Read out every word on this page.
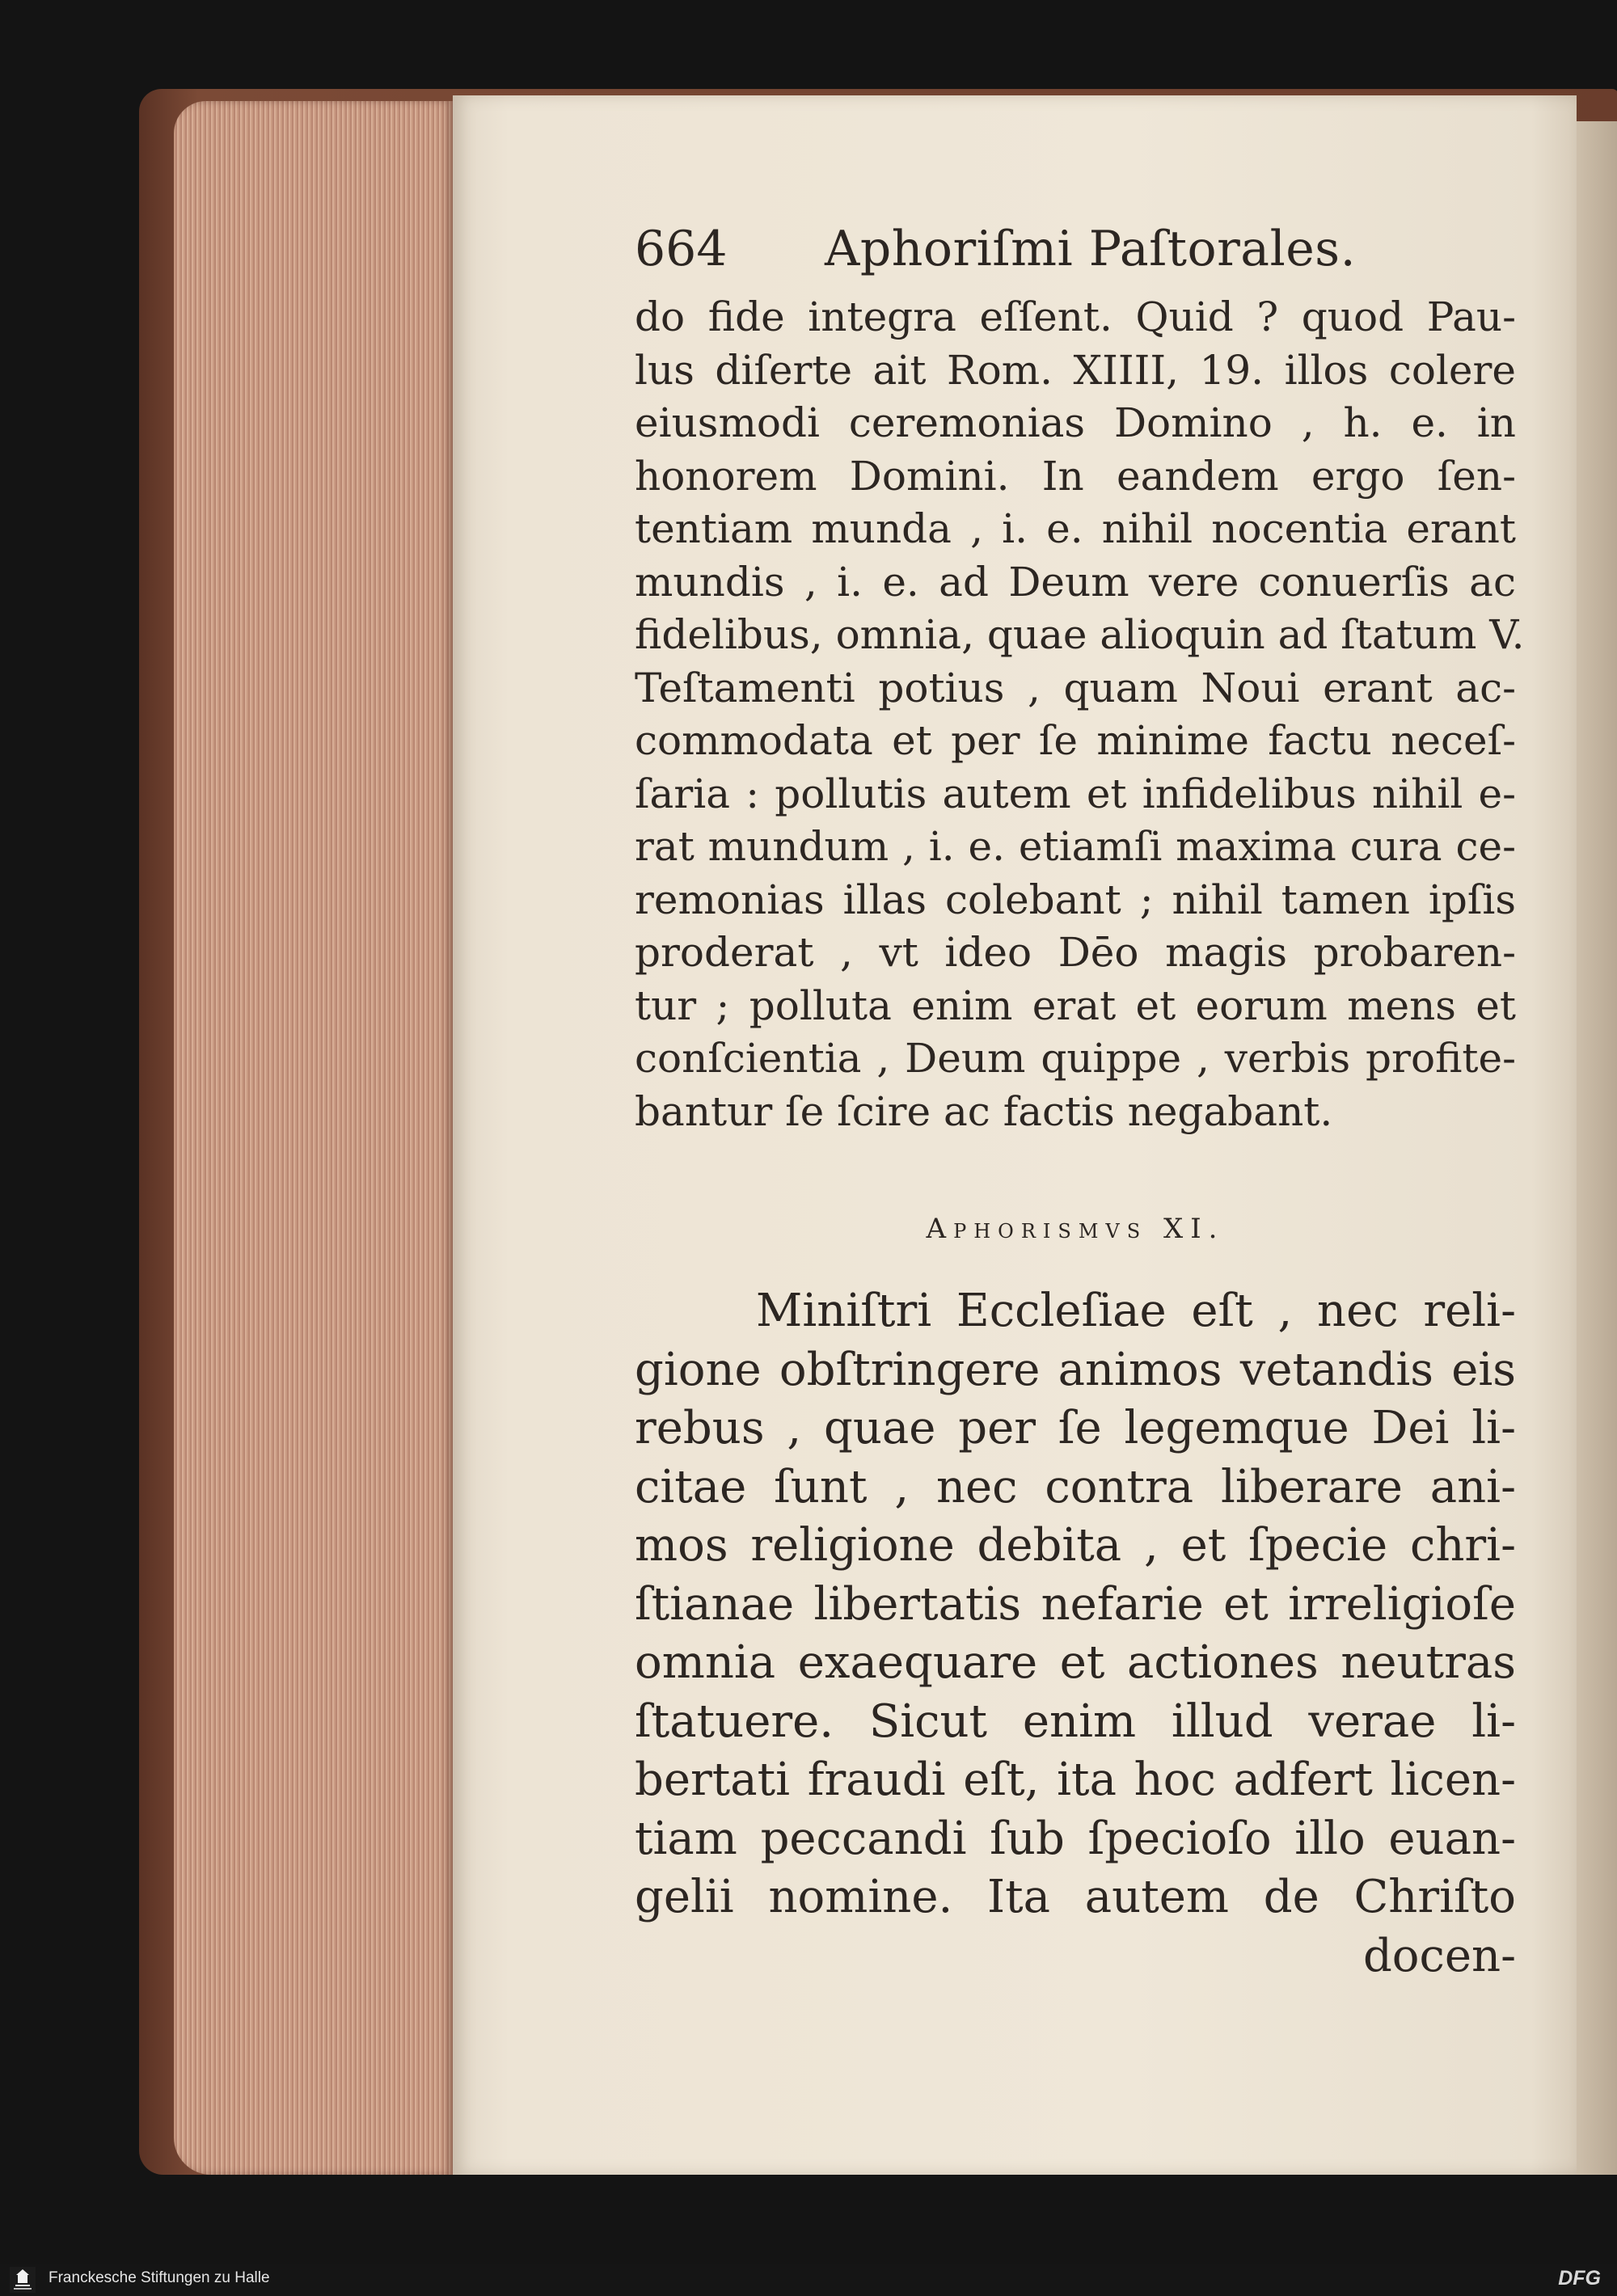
664 Aphoriſmi Paſtorales.
do fide integra eſſent. Quid ? quod Pau-
lus diſerte ait Rom. XIIII, 19. illos colere
eiusmodi ceremonias Domino , h. e. in
honorem Domini. In eandem ergo ſen-
tentiam munda , i. e. nihil nocentia erant
mundis , i. e. ad Deum vere conuerſis ac
fidelibus, omnia, quae alioquin ad ſtatum V.
Teſtamenti potius , quam Noui erant ac-
commodata et per ſe minime factu neceſ-
ſaria : pollutis autem et infidelibus nihil e-
rat mundum , i. e. etiamſi maxima cura ce-
remonias illas colebant ; nihil tamen ipſis
proderat , vt ideo Dēo magis probaren-
tur ; polluta enim erat et eorum mens et
conſcientia , Deum quippe , verbis profite-
bantur ſe ſcire ac factis negabant.
Aphorismvs XI.
Miniſtri Eccleſiae eſt , nec reli-
gione obſtringere animos vetandis eis
rebus , quae per ſe legemque Dei li-
citae ſunt , nec contra liberare ani-
mos religione debita , et ſpecie chri-
ſtianae libertatis nefarie et irreligioſe
omnia exaequare et actiones neutras
ſtatuere. Sicut enim illud verae li-
bertati fraudi eſt, ita hoc adfert licen-
tiam peccandi ſub ſpecioſo illo euan-
gelii nomine. Ita autem de Chriſto
docen-
Franckesche Stiftungen zu Halle	DFG
